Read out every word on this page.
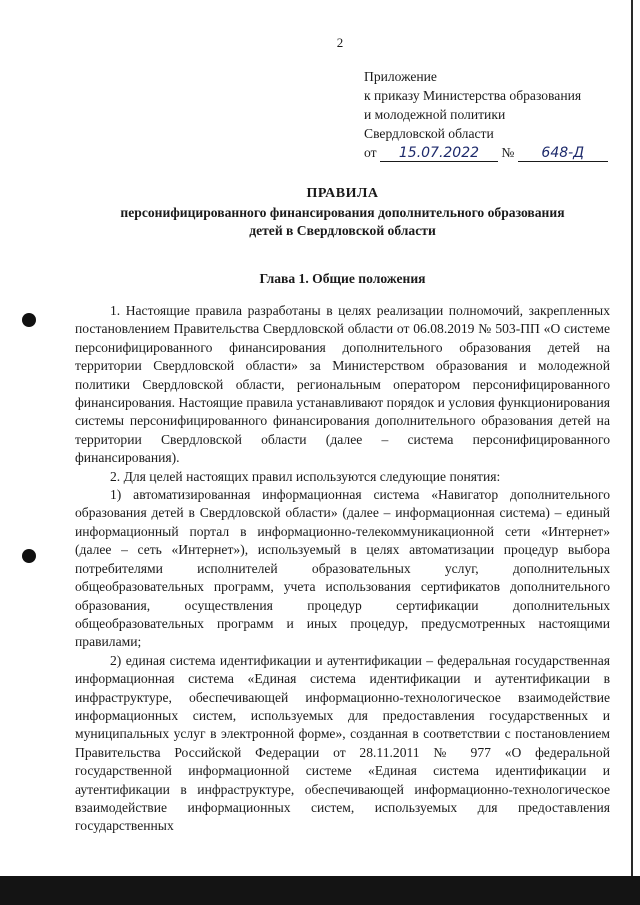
2
Приложение
к приказу Министерства образования
и молодежной политики
Свердловской области
от 15.07.2022 № 648-Д
ПРАВИЛА
персонифицированного финансирования дополнительного образования
детей в Свердловской области
Глава 1. Общие положения

1. Настоящие правила разработаны в целях реализации полномочий, закрепленных постановлением Правительства Свердловской области от 06.08.2019 № 503-ПП «О системе персонифицированного финансирования дополнительного образования детей на территории Свердловской области» за Министерством образования и молодежной политики Свердловской области, региональным оператором персонифицированного финансирования. Настоящие правила устанавливают порядок и условия функционирования системы персонифицированного финансирования дополнительного образования детей на территории Свердловской области (далее – система персонифицированного финансирования).

2. Для целей настоящих правил используются следующие понятия:

1) автоматизированная информационная система «Навигатор дополнительного образования детей в Свердловской области» (далее – информационная система) – единый информационный портал в информационно-телекоммуникационной сети «Интернет» (далее – сеть «Интернет»), используемый в целях автоматизации процедур выбора потребителями исполнителей образовательных услуг, дополнительных общеобразовательных программ, учета использования сертификатов дополнительного образования, осуществления процедур сертификации дополнительных общеобразовательных программ и иных процедур, предусмотренных настоящими правилами;

2) единая система идентификации и аутентификации – федеральная государственная информационная система «Единая система идентификации и аутентификации в инфраструктуре, обеспечивающей информационно-технологическое взаимодействие информационных систем, используемых для предоставления государственных и муниципальных услуг в электронной форме», созданная в соответствии с постановлением Правительства Российской Федерации от 28.11.2011 № 977 «О федеральной государственной информационной системе «Единая система идентификации и аутентификации в инфраструктуре, обеспечивающей информационно-технологическое взаимодействие информационных систем, используемых для предоставления государственных
